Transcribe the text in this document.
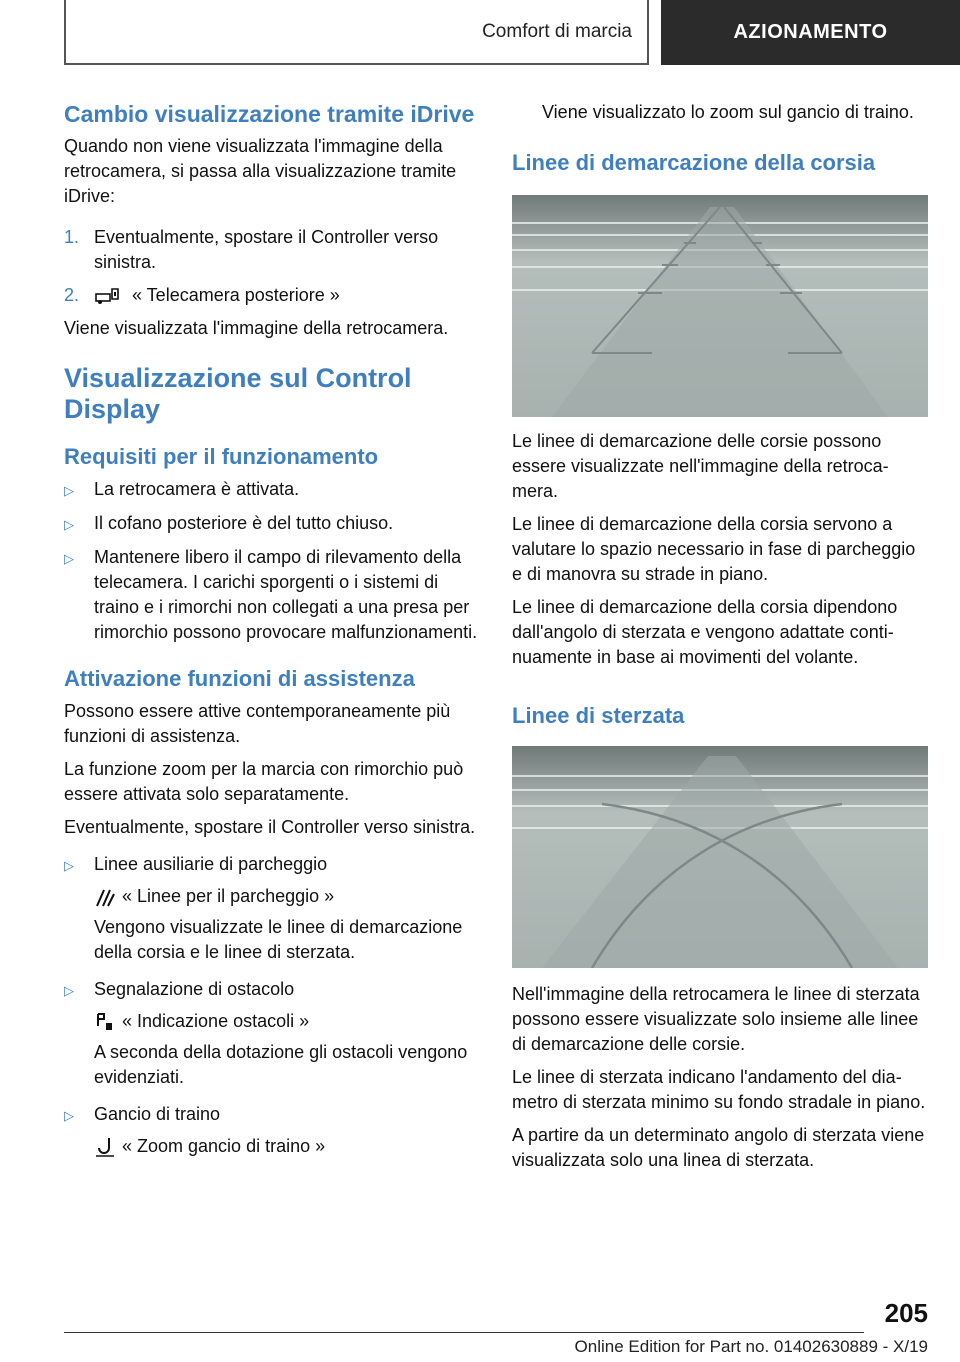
Comfort di marcia	AZIONAMENTO
Cambio visualizzazione tramite iDrive

Quando non viene visualizzata l'immagine della retrocamera, si passa alla visualizzazione tramite iDrive:

1. Eventualmente, spostare il Controller verso sinistra.
2.	« Telecamera posteriore »

Viene visualizzata l'immagine della retrocamera.

Visualizzazione sul Control Display
Requisiti per il funzionamento
▷	La retrocamera è attivata.
▷	Il cofano posteriore è del tutto chiuso.
▷	Mantenere libero il campo di rilevamento della telecamera. I carichi sporgenti o i sistemi di traino e i rimorchi non collegati a una presa per rimorchio possono provocare malfunzionamenti.
Attivazione funzioni di assistenza

Possono essere attive contemporaneamente più funzioni di assistenza.

La funzione zoom per la marcia con rimorchio può essere attivata solo separatamente.

Eventualmente, spostare il Controller verso sinistra.

▷	Linee ausiliarie di parcheggio
« Linee per il parcheggio »

Vengono visualizzate le linee di demarcazione della corsia e le linee di sterzata.

▷	Segnalazione di ostacolo
« Indicazione ostacoli »

A seconda della dotazione gli ostacoli vengono evidenziati.

▷	Gancio di traino
« Zoom gancio di traino »

Viene visualizzato lo zoom sul gancio di traino.

Linee di demarcazione della corsia

Le linee di demarcazione delle corsie possono essere visualizzate nell'immagine della retrocamera.

Le linee di demarcazione della corsia servono a valutare lo spazio necessario in fase di parcheggio e di manovra su strade in piano.

Le linee di demarcazione della corsia dipendono dall'angolo di sterzata e vengono adattate continuamente in base ai movimenti del volante.

Linee di sterzata

Nell'immagine della retrocamera le linee di sterzata possono essere visualizzate solo insieme alle linee di demarcazione delle corsie.

Le linee di sterzata indicano l'andamento del diametro di sterzata minimo su fondo stradale in piano.

A partire da un determinato angolo di sterzata viene visualizzata solo una linea di sterzata.

205
Online Edition for Part no. 01402630889 - X/19
